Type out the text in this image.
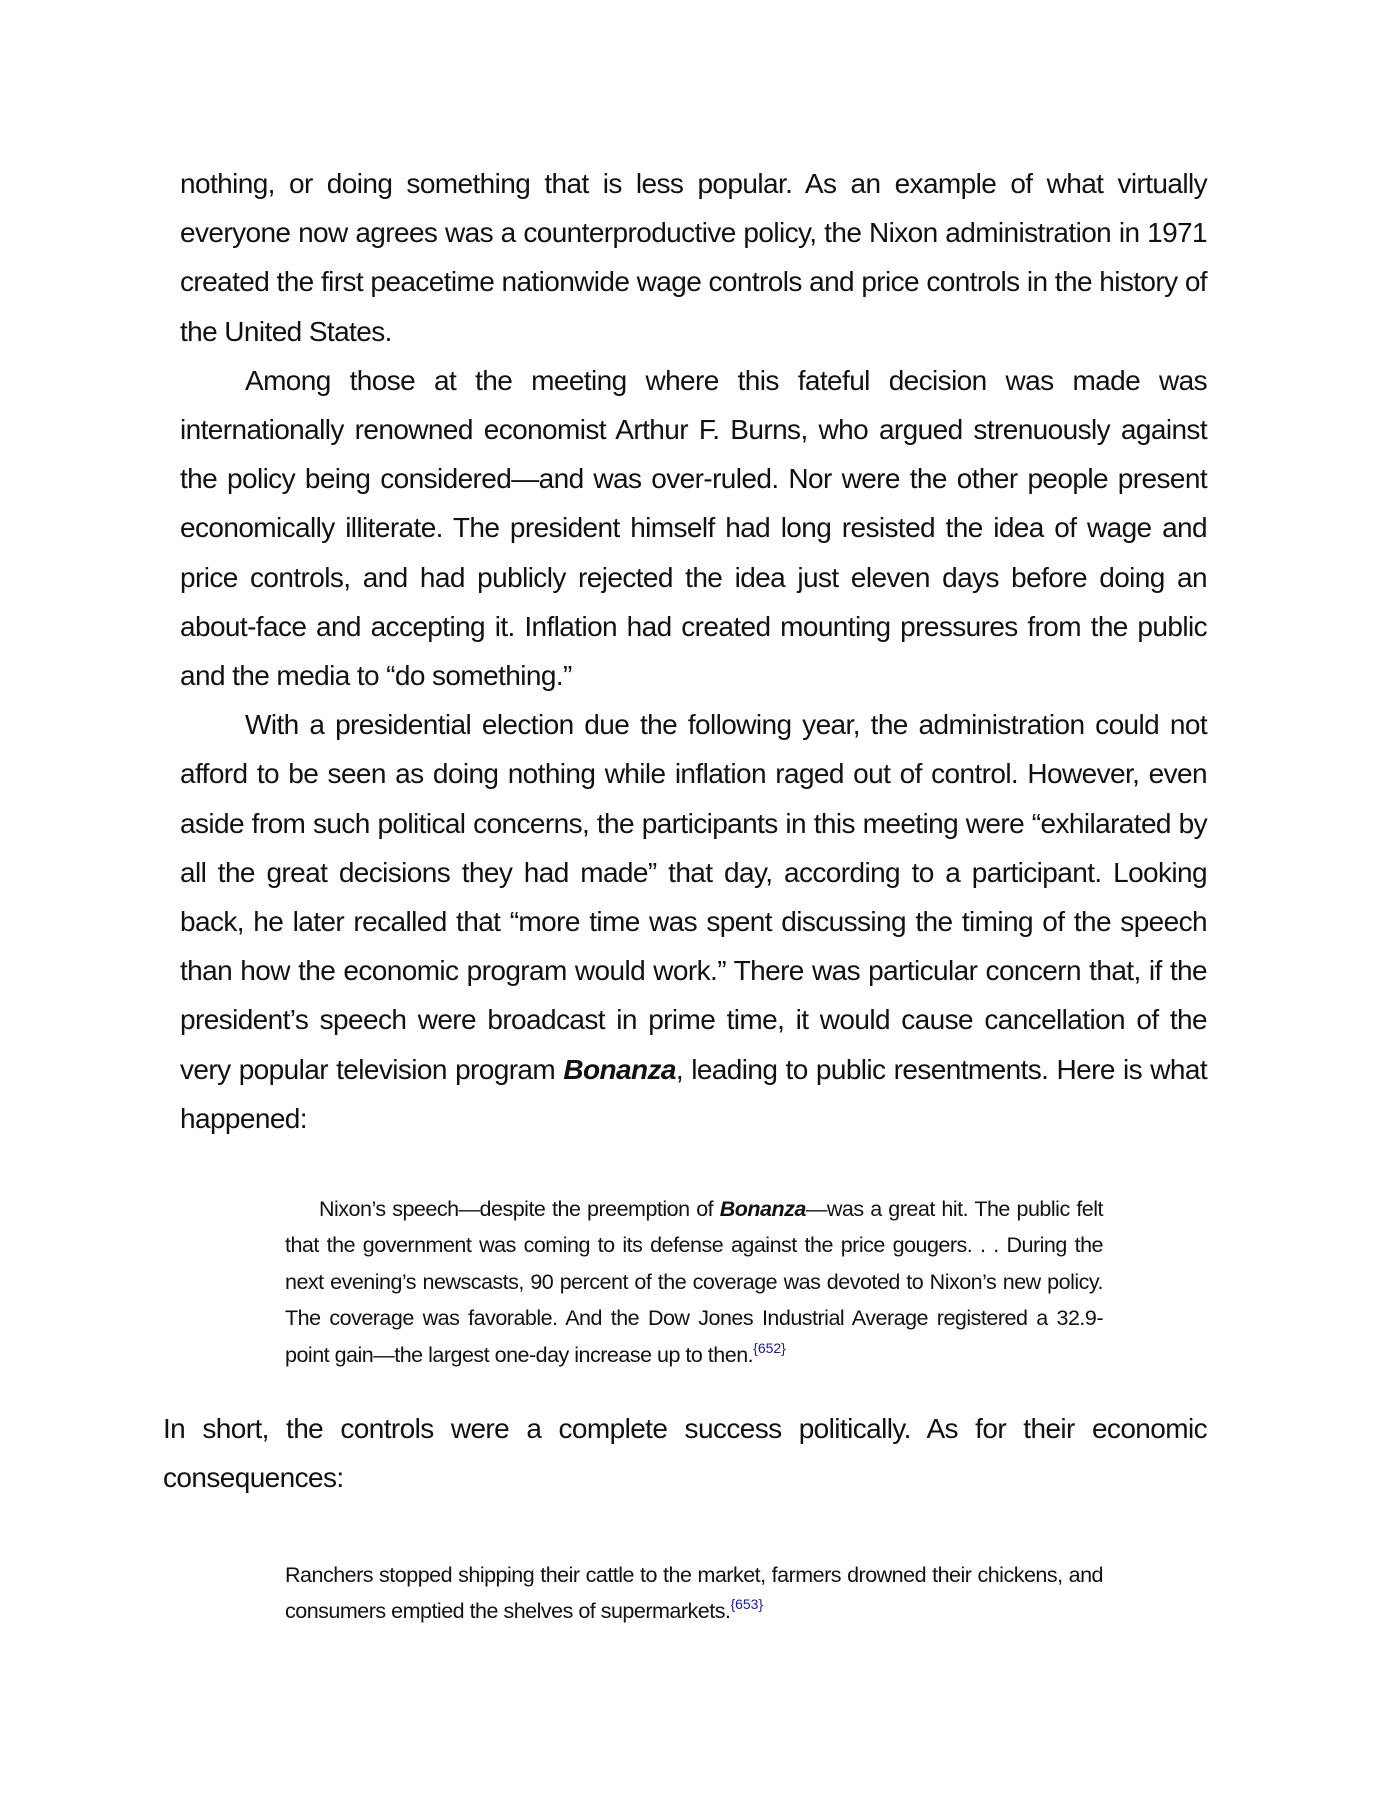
nothing, or doing something that is less popular. As an example of what virtually everyone now agrees was a counterproductive policy, the Nixon administration in 1971 created the first peacetime nationwide wage controls and price controls in the history of the United States.

Among those at the meeting where this fateful decision was made was internationally renowned economist Arthur F. Burns, who argued strenuously against the policy being considered—and was over-ruled. Nor were the other people present economically illiterate. The president himself had long resisted the idea of wage and price controls, and had publicly rejected the idea just eleven days before doing an about-face and accepting it. Inflation had created mounting pressures from the public and the media to “do something.”

With a presidential election due the following year, the administration could not afford to be seen as doing nothing while inflation raged out of control. However, even aside from such political concerns, the participants in this meeting were “exhilarated by all the great decisions they had made” that day, according to a participant. Looking back, he later recalled that “more time was spent discussing the timing of the speech than how the economic program would work.” There was particular concern that, if the president’s speech were broadcast in prime time, it would cause cancellation of the very popular television program Bonanza, leading to public resentments. Here is what happened:

Nixon’s speech—despite the preemption of Bonanza—was a great hit. The public felt that the government was coming to its defense against the price gougers. . . During the next evening’s newscasts, 90 percent of the coverage was devoted to Nixon’s new policy. The coverage was favorable. And the Dow Jones Industrial Average registered a 32.9-point gain—the largest one-day increase up to then.$^{\{652\}}$

In short, the controls were a complete success politically. As for their economic consequences:

Ranchers stopped shipping their cattle to the market, farmers drowned their chickens, and consumers emptied the shelves of supermarkets.$^{\{653\}}$
